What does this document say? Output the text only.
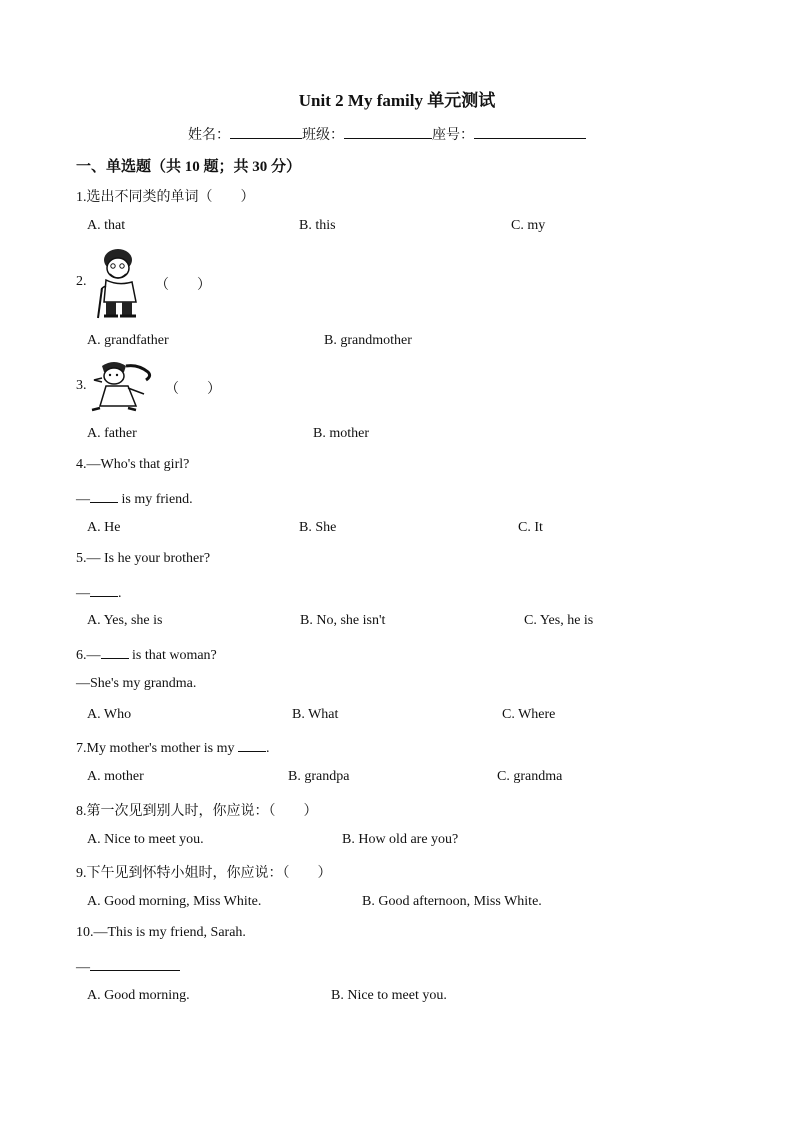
Unit 2 My family 单元测试
姓名：	班级：	座号：
一、单选题（共 10 题；共 30 分）
1.选出不同类的单词（　　）
A. that	B. this	C. my
2.	（　　）
A. grandfather	B. grandmother
3.	（　　）
A. father	B. mother
4.—Who's that girl?
— is my friend.
A. He	B. She	C. It
5.— Is he your brother?
— .
A. Yes, she is	B. No, she isn't	C. Yes, he is
6.— is that woman?
—She's my grandma.
A. Who	B. What	C. Where
7.My mother's mother is my .
A. mother	B. grandpa	C. grandma
8.第一次见到别人时，你应说：（　　）
A. Nice to meet you.	B. How old are you?
9.下午见到怀特小姐时，你应说：（　　）
A. Good morning, Miss White.	B. Good afternoon, Miss White.
10.—This is my friend, Sarah.
—
A. Good morning.	B. Nice to meet you.
